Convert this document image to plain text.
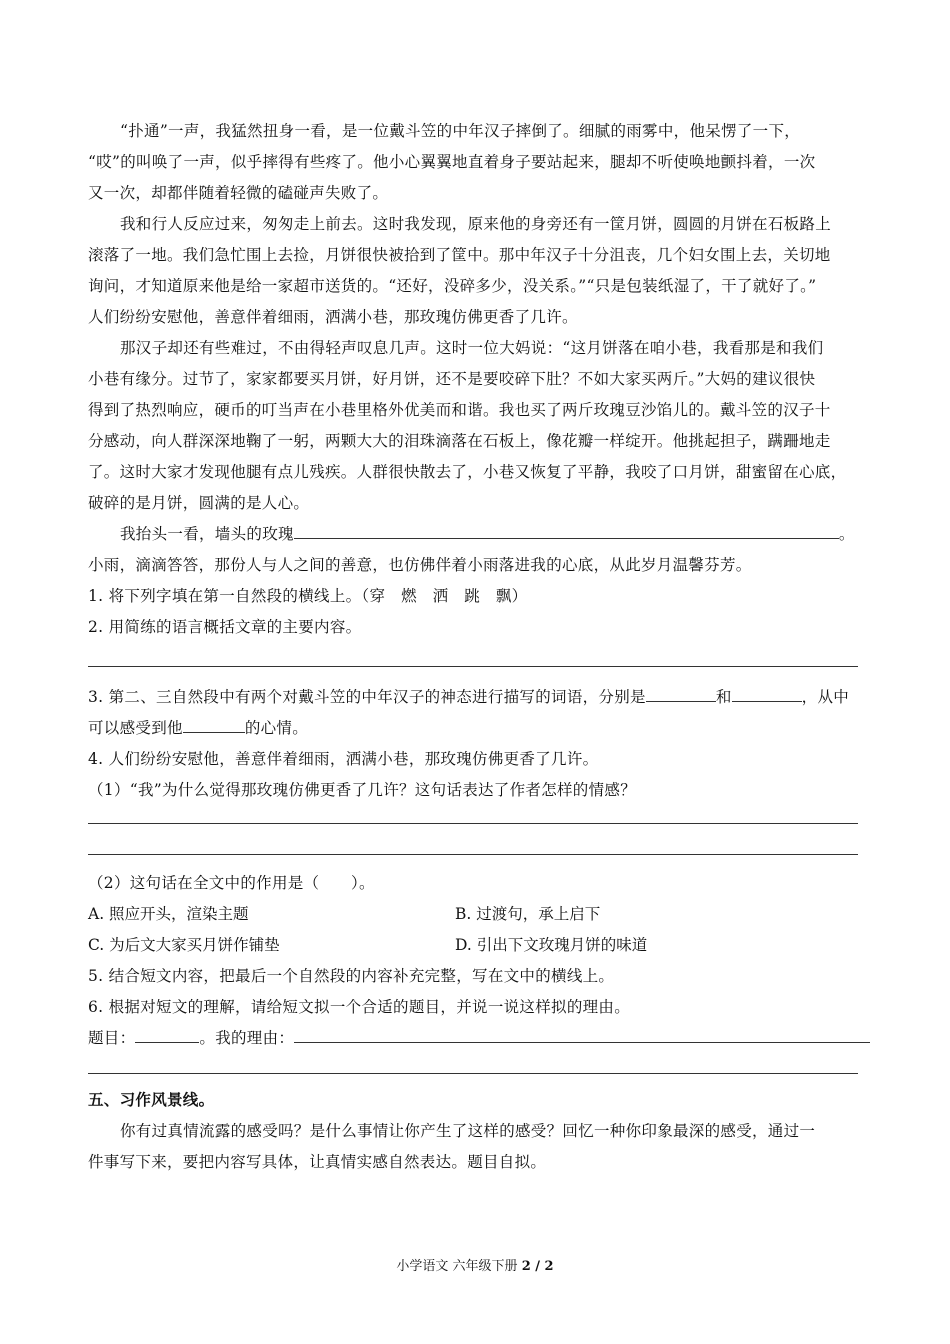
“扑通”一声，我猛然扭身一看，是一位戴斗笠的中年汉子摔倒了。细腻的雨雾中，他呆愣了一下，
“哎”的叫唤了一声，似乎摔得有些疼了。他小心翼翼地直着身子要站起来，腿却不听使唤地颤抖着，一次
又一次，却都伴随着轻微的磕碰声失败了。
我和行人反应过来，匆匆走上前去。这时我发现，原来他的身旁还有一筐月饼，圆圆的月饼在石板路上
滚落了一地。我们急忙围上去捡，月饼很快被拾到了筐中。那中年汉子十分沮丧，几个妇女围上去，关切地
询问，才知道原来他是给一家超市送货的。“还好，没碎多少，没关系。”“只是包装纸湿了，干了就好了。”
人们纷纷安慰他，善意伴着细雨，洒满小巷，那玫瑰仿佛更香了几许。
那汉子却还有些难过，不由得轻声叹息几声。这时一位大妈说：“这月饼落在咱小巷，我看那是和我们
小巷有缘分。过节了，家家都要买月饼，好月饼，还不是要咬碎下肚？不如大家买两斤。”大妈的建议很快
得到了热烈响应，硬币的叮当声在小巷里格外优美而和谐。我也买了两斤玫瑰豆沙馅儿的。戴斗笠的汉子十
分感动，向人群深深地鞠了一躬，两颗大大的泪珠滴落在石板上，像花瓣一样绽开。他挑起担子，蹒跚地走
了。这时大家才发现他腿有点儿残疾。人群很快散去了，小巷又恢复了平静，我咬了口月饼，甜蜜留在心底，
破碎的是月饼，圆满的是人心。
我抬头一看，墙头的玫瑰	。
小雨，滴滴答答，那份人与人之间的善意，也仿佛伴着小雨落进我的心底，从此岁月温馨芬芳。
1. 将下列字填在第一自然段的横线上。（穿　燃　洒　跳　飘）
2. 用简练的语言概括文章的主要内容。
3. 第二、三自然段中有两个对戴斗笠的中年汉子的神态进行描写的词语，分别是	和	，从中
可以感受到他	的心情。
4. 人们纷纷安慰他，善意伴着细雨，洒满小巷，那玫瑰仿佛更香了几许。
（1）“我”为什么觉得那玫瑰仿佛更香了几许？这句话表达了作者怎样的情感？
（2）这句话在全文中的作用是（　　）。
A. 照应开头，渲染主题	B. 过渡句，承上启下
C. 为后文大家买月饼作铺垫	D. 引出下文玫瑰月饼的味道
5. 结合短文内容，把最后一个自然段的内容补充完整，写在文中的横线上。
6. 根据对短文的理解，请给短文拟一个合适的题目，并说一说这样拟的理由。
题目：	。我的理由：
五、习作风景线。
你有过真情流露的感受吗？是什么事情让你产生了这样的感受？回忆一种你印象最深的感受，通过一
件事写下来，要把内容写具体，让真情实感自然表达。题目自拟。
小学语文 六年级下册 2 / 2
